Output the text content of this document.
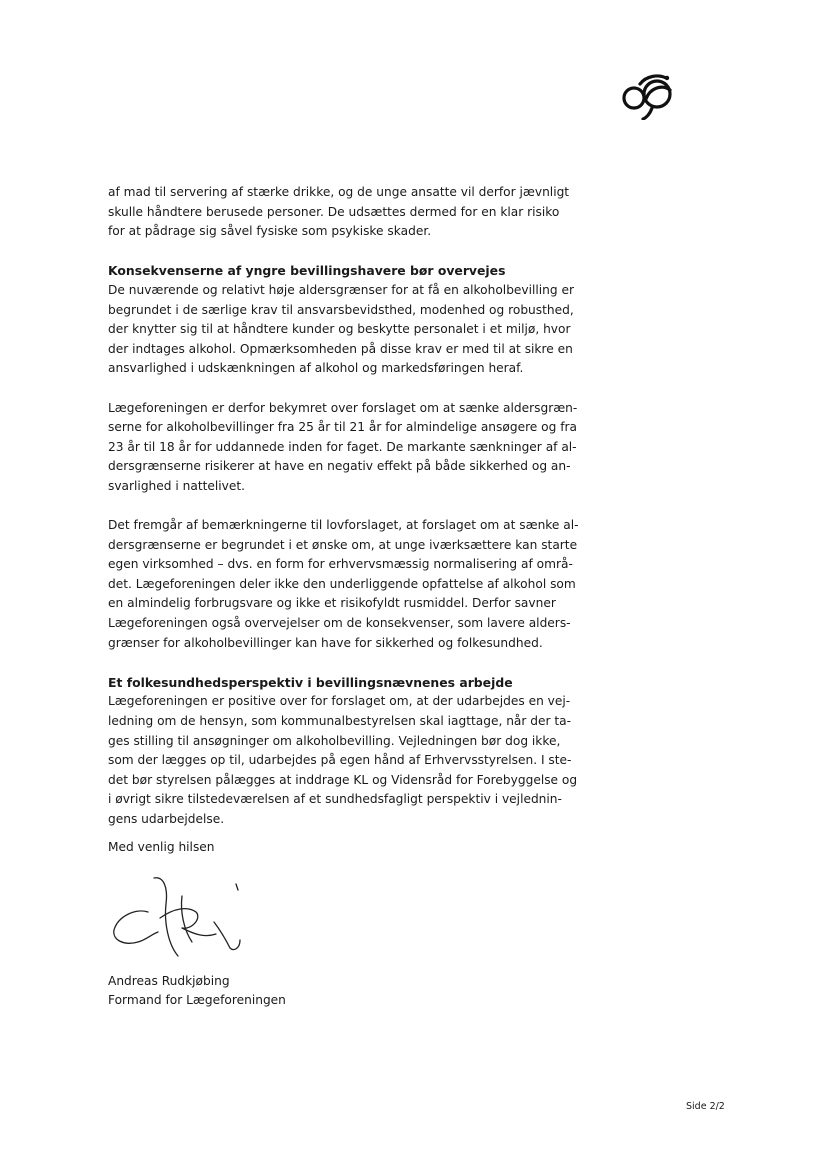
af mad til servering af stærke drikke, og de unge ansatte vil derfor jævnligt
skulle håndtere berusede personer. De udsættes dermed for en klar risiko
for at pådrage sig såvel fysiske som psykiske skader.
Konsekvenserne af yngre bevillingshavere bør overvejes
De nuværende og relativt høje aldersgrænser for at få en alkoholbevilling er
begrundet i de særlige krav til ansvarsbevidsthed, modenhed og robusthed,
der knytter sig til at håndtere kunder og beskytte personalet i et miljø, hvor
der indtages alkohol. Opmærksomheden på disse krav er med til at sikre en
ansvarlighed i udskænkningen af alkohol og markedsføringen heraf.
Lægeforeningen er derfor bekymret over forslaget om at sænke aldersgræn-
serne for alkoholbevillinger fra 25 år til 21 år for almindelige ansøgere og fra
23 år til 18 år for uddannede inden for faget. De markante sænkninger af al-
dersgrænserne risikerer at have en negativ effekt på både sikkerhed og an-
svarlighed i nattelivet.
Det fremgår af bemærkningerne til lovforslaget, at forslaget om at sænke al-
dersgrænserne er begrundet i et ønske om, at unge iværksættere kan starte
egen virksomhed – dvs. en form for erhvervsmæssig normalisering af områ-
det. Lægeforeningen deler ikke den underliggende opfattelse af alkohol som
en almindelig forbrugsvare og ikke et risikofyldt rusmiddel. Derfor savner
Lægeforeningen også overvejelser om de konsekvenser, som lavere alders-
grænser for alkoholbevillinger kan have for sikkerhed og folkesundhed.
Et folkesundhedsperspektiv i bevillingsnævnenes arbejde
Lægeforeningen er positive over for forslaget om, at der udarbejdes en vej-
ledning om de hensyn, som kommunalbestyrelsen skal iagttage, når der ta-
ges stilling til ansøgninger om alkoholbevilling. Vejledningen bør dog ikke,
som der lægges op til, udarbejdes på egen hånd af Erhvervsstyrelsen. I ste-
det bør styrelsen pålægges at inddrage KL og Vidensråd for Forebyggelse og
i øvrigt sikre tilstedeværelsen af et sundhedsfagligt perspektiv i vejlednin-
gens udarbejdelse.
Med venlig hilsen
Andreas Rudkjøbing
Formand for Lægeforeningen
Side 2/2
